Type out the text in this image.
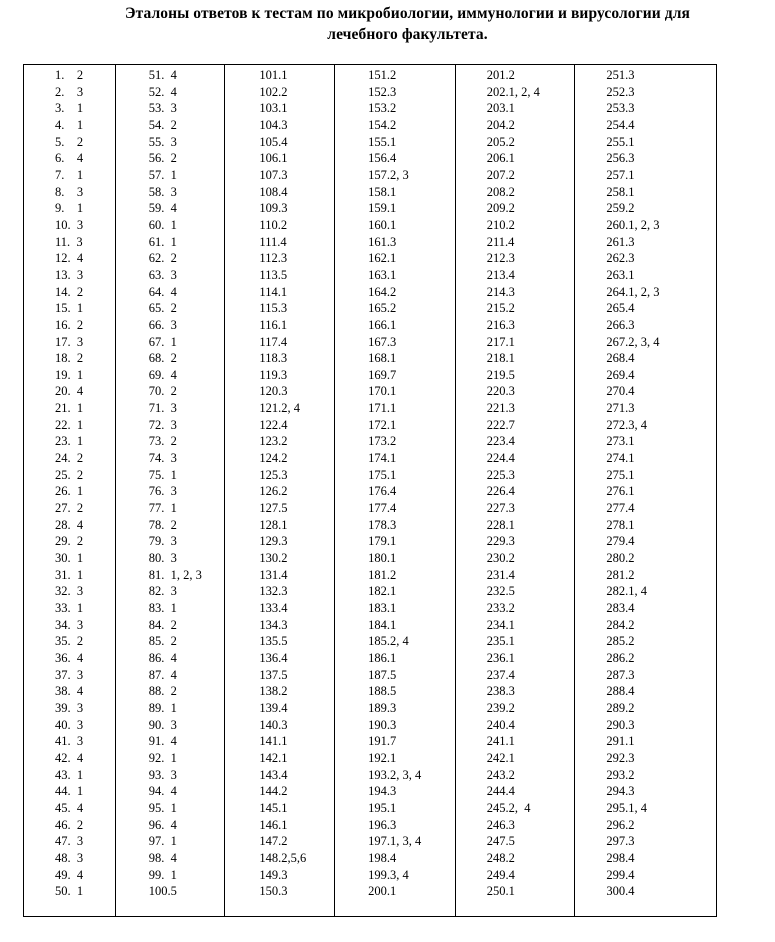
Эталоны ответов к тестам по микробиологии, иммунологии и вирусологии для
лечебного факультета.
1.    2
2.    3
3.    1
4.    1
5.    2
6.    4
7.    1
8.    3
9.    1
10.  3
11.  3
12.  4
13.  3
14.  2
15.  1
16.  2
17.  3
18.  2
19.  1
20.  4
21.  1
22.  1
23.  1
24.  2
25.  2
26.  1
27.  2
28.  4
29.  2
30.  1
31.  1
32.  3
33.  1
34.  3
35.  2
36.  4
37.  3
38.  4
39.  3
40.  3
41.  3
42.  4
43.  1
44.  1
45.  4
46.  2
47.  3
48.  3
49.  4
50.  1
51.  4
52.  4
53.  3
54.  2
55.  3
56.  2
57.  1
58.  3
59.  4
60.  1
61.  1
62.  2
63.  3
64.  4
65.  2
66.  3
67.  1
68.  2
69.  4
70.  2
71.  3
72.  3
73.  2
74.  3
75.  1
76.  3
77.  1
78.  2
79.  3
80.  3
81.  1, 2, 3
82.  3
83.  1
84.  2
85.  2
86.  4
87.  4
88.  2
89.  1
90.  3
91.  4
92.  1
93.  3
94.  4
95.  1
96.  4
97.  1
98.  4
99.  1
100.5
101.1
102.2
103.1
104.3
105.4
106.1
107.3
108.4
109.3
110.2
111.4
112.3
113.5
114.1
115.3
116.1
117.4
118.3
119.3
120.3
121.2, 4
122.4
123.2
124.2
125.3
126.2
127.5
128.1
129.3
130.2
131.4
132.3
133.4
134.3
135.5
136.4
137.5
138.2
139.4
140.3
141.1
142.1
143.4
144.2
145.1
146.1
147.2
148.2,5,6
149.3
150.3
151.2
152.3
153.2
154.2
155.1
156.4
157.2, 3
158.1
159.1
160.1
161.3
162.1
163.1
164.2
165.2
166.1
167.3
168.1
169.7
170.1
171.1
172.1
173.2
174.1
175.1
176.4
177.4
178.3
179.1
180.1
181.2
182.1
183.1
184.1
185.2, 4
186.1
187.5
188.5
189.3
190.3
191.7
192.1
193.2, 3, 4
194.3
195.1
196.3
197.1, 3, 4
198.4
199.3, 4
200.1
201.2
202.1, 2, 4
203.1
204.2
205.2
206.1
207.2
208.2
209.2
210.2
211.4
212.3
213.4
214.3
215.2
216.3
217.1
218.1
219.5
220.3
221.3
222.7
223.4
224.4
225.3
226.4
227.3
228.1
229.3
230.2
231.4
232.5
233.2
234.1
235.1
236.1
237.4
238.3
239.2
240.4
241.1
242.1
243.2
244.4
245.2,  4
246.3
247.5
248.2
249.4
250.1
251.3
252.3
253.3
254.4
255.1
256.3
257.1
258.1
259.2
260.1, 2, 3
261.3
262.3
263.1
264.1, 2, 3
265.4
266.3
267.2, 3, 4
268.4
269.4
270.4
271.3
272.3, 4
273.1
274.1
275.1
276.1
277.4
278.1
279.4
280.2
281.2
282.1, 4
283.4
284.2
285.2
286.2
287.3
288.4
289.2
290.3
291.1
292.3
293.2
294.3
295.1, 4
296.2
297.3
298.4
299.4
300.4
